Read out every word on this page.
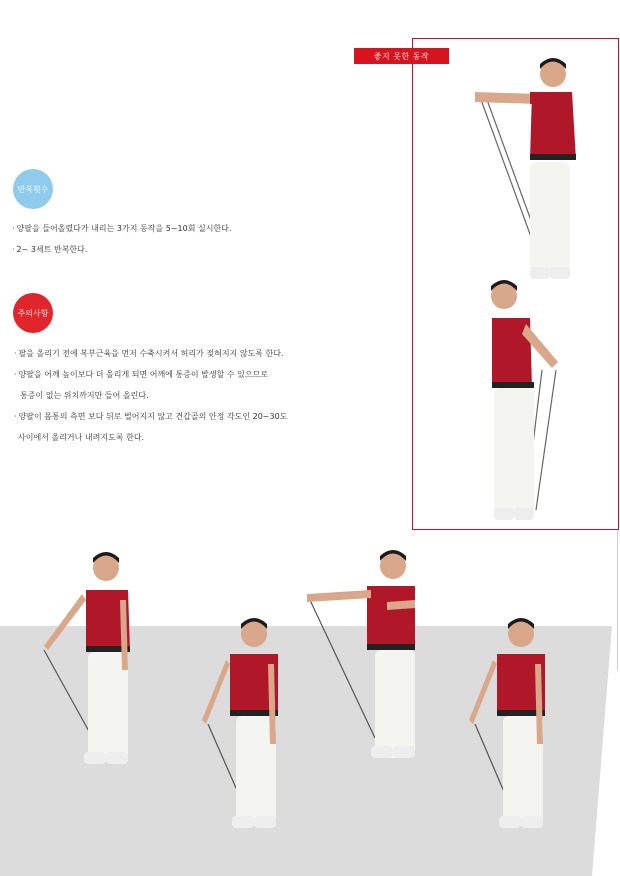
좋지 못한 동작
반복횟수
· 양팔을 들어올렸다가 내리는 3가지 동작을 5~10회 실시한다.
· 2~ 3세트 반복한다.
주의사항
· 팔을 올리기 전에 복부근육을 먼저 수축시켜서 허리가 젖혀지지 않도록 한다.
· 양팔을 어깨 높이보다 더 올리게 되면 어깨에 통증이 발생할 수 있으므로
통증이 없는 위치까지만 들어 올린다.
· 양팔이 몸통의 측면 보다 뒤로 벌어지지 않고 견갑골의 안정 각도인 20~30도
사이에서 올리거나 내려지도록 한다.
